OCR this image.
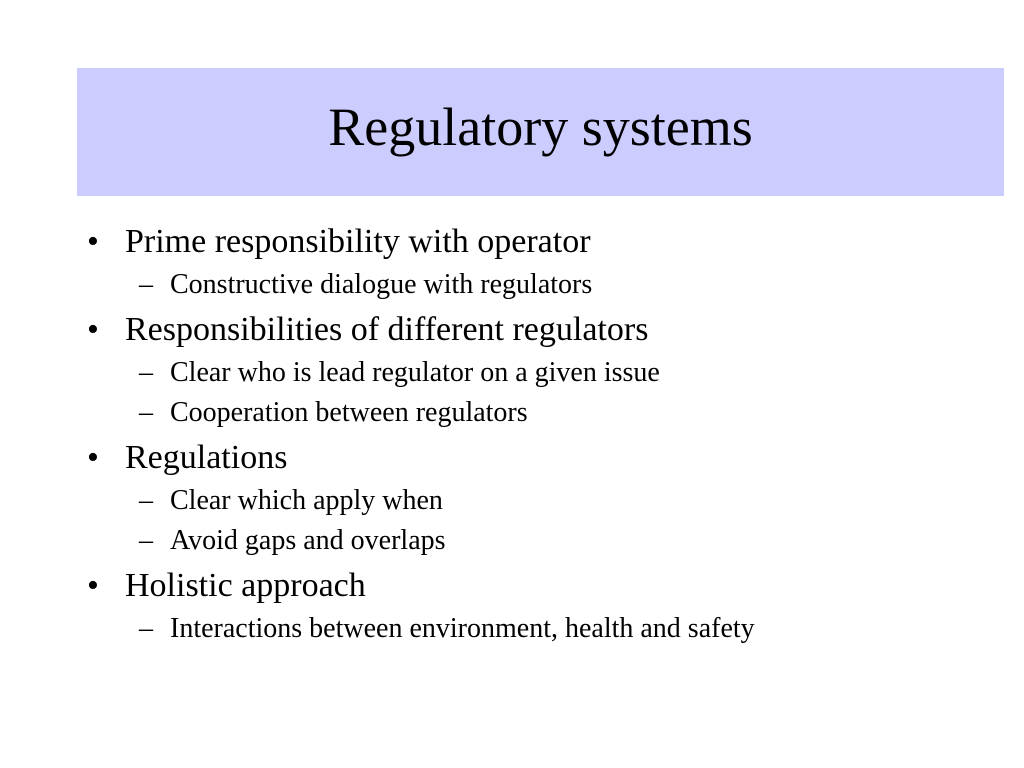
Regulatory systems
• Prime responsibility with operator
– Constructive dialogue with regulators
• Responsibilities of different regulators
– Clear who is lead regulator on a given issue
– Cooperation between regulators
• Regulations
– Clear which apply when
– Avoid gaps and overlaps
• Holistic approach
– Interactions between environment, health and safety
